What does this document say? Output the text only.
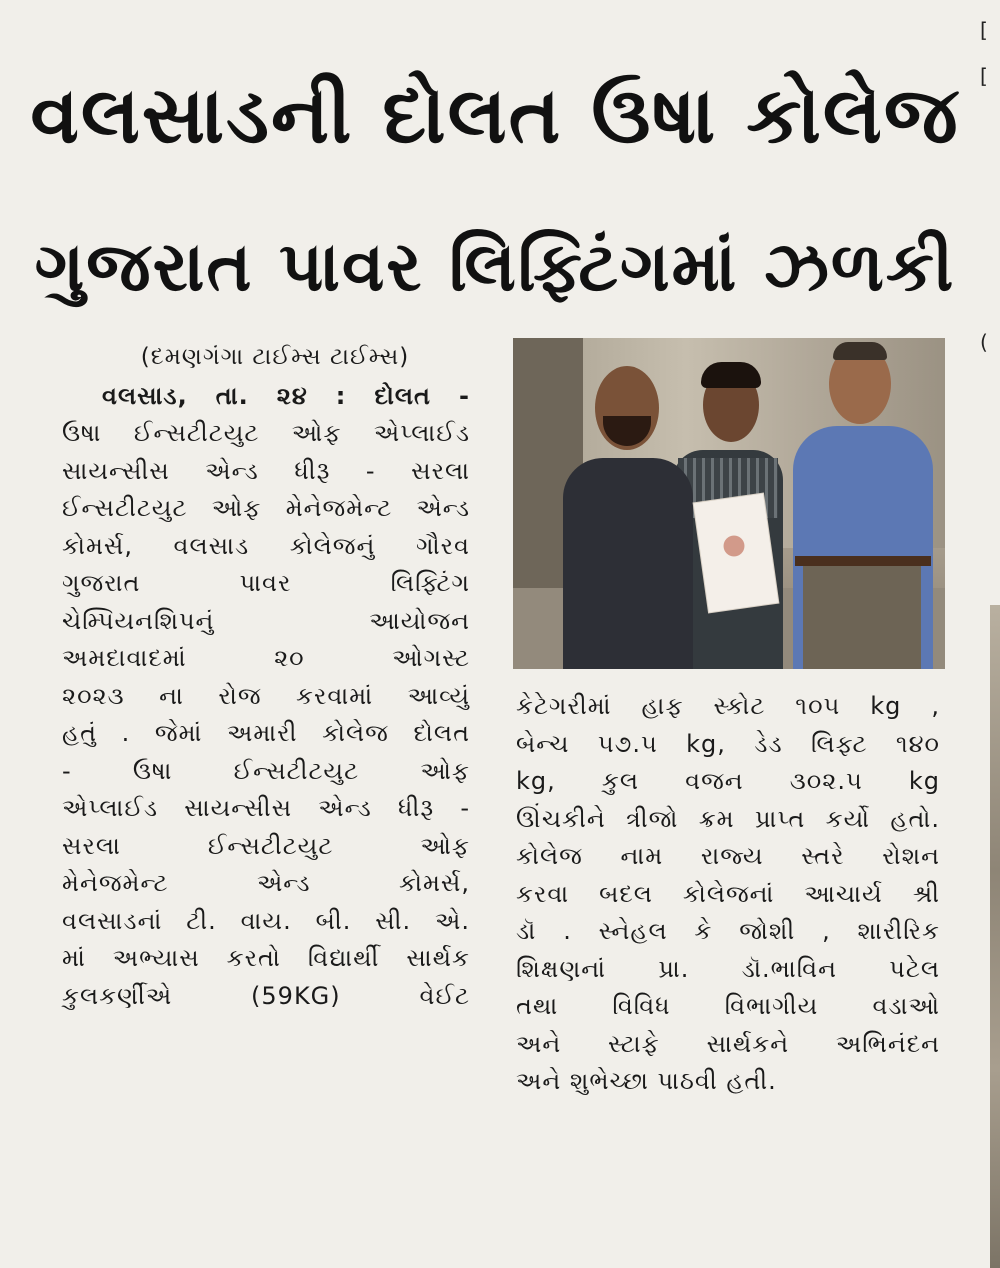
વલસાડની દોલત ઉષા કોલેજ
ગુજરાત પાવર લિફ્ટિંગમાં ઝળકી
[
[
(
(દમણગંગા ટાઈમ્સ ટાઈમ્સ)
વલસાડ, તા. ૨૪ : દોલત -
ઉષા ઈન્સટીટયુટ ઓફ એપ્લાઈડ
સાયન્સીસ એન્ડ ધીરૂ - સરલા
ઈન્સટીટયુટ ઓફ મેનેજમેન્ટ એન્ડ
કોમર્સ, વલસાડ કોલેજનું ગૌરવ
ગુજરાત પાવર લિફ્ટિંગ
ચેમ્પિયનશિપનું આયોજન
અમદાવાદમાં ૨૦ ઓગસ્ટ
૨૦૨૩ ના રોજ કરવામાં આવ્યું
હતું . જેમાં અમારી કોલેજ દોલત
- ઉષા ઈન્સટીટયુટ ઓફ
એપ્લાઈડ સાયન્સીસ એન્ડ ધીરૂ -
સરલા ઈન્સટીટયુટ ઓફ
મેનેજમેન્ટ એન્ડ કોમર્સ,
વલસાડનાં ટી. વાય. બી. સી. એ.
માં અભ્યાસ કરતો વિદ્યાર્થી સાર્થક
કુલકર્ણીએ (59KG) વેઈટ
કેટેગરીમાં હાફ સ્કોટ ૧૦૫ kg ,
બેન્ચ ૫૭.૫ kg, ડેડ લિફ્ટ ૧૪૦
kg, કુલ વજન ૩૦૨.૫ kg
ઊંચકીને ત્રીજો ક્રમ પ્રાપ્ત કર્યો હતો.
કોલેજ નામ રાજ્ય સ્તરે રોશન
કરવા બદલ કોલેજનાં આચાર્ય શ્રી
ડૉ . સ્નેહલ કે જોશી , શારીરિક
શિક્ષણનાં પ્રા. ડૉ.ભાવિન પટેલ
તથા વિવિધ વિભાગીય વડાઓ
અને સ્ટાફે સાર્થકને અભિનંદન
અને શુભેચ્છા પાઠવી હતી.
